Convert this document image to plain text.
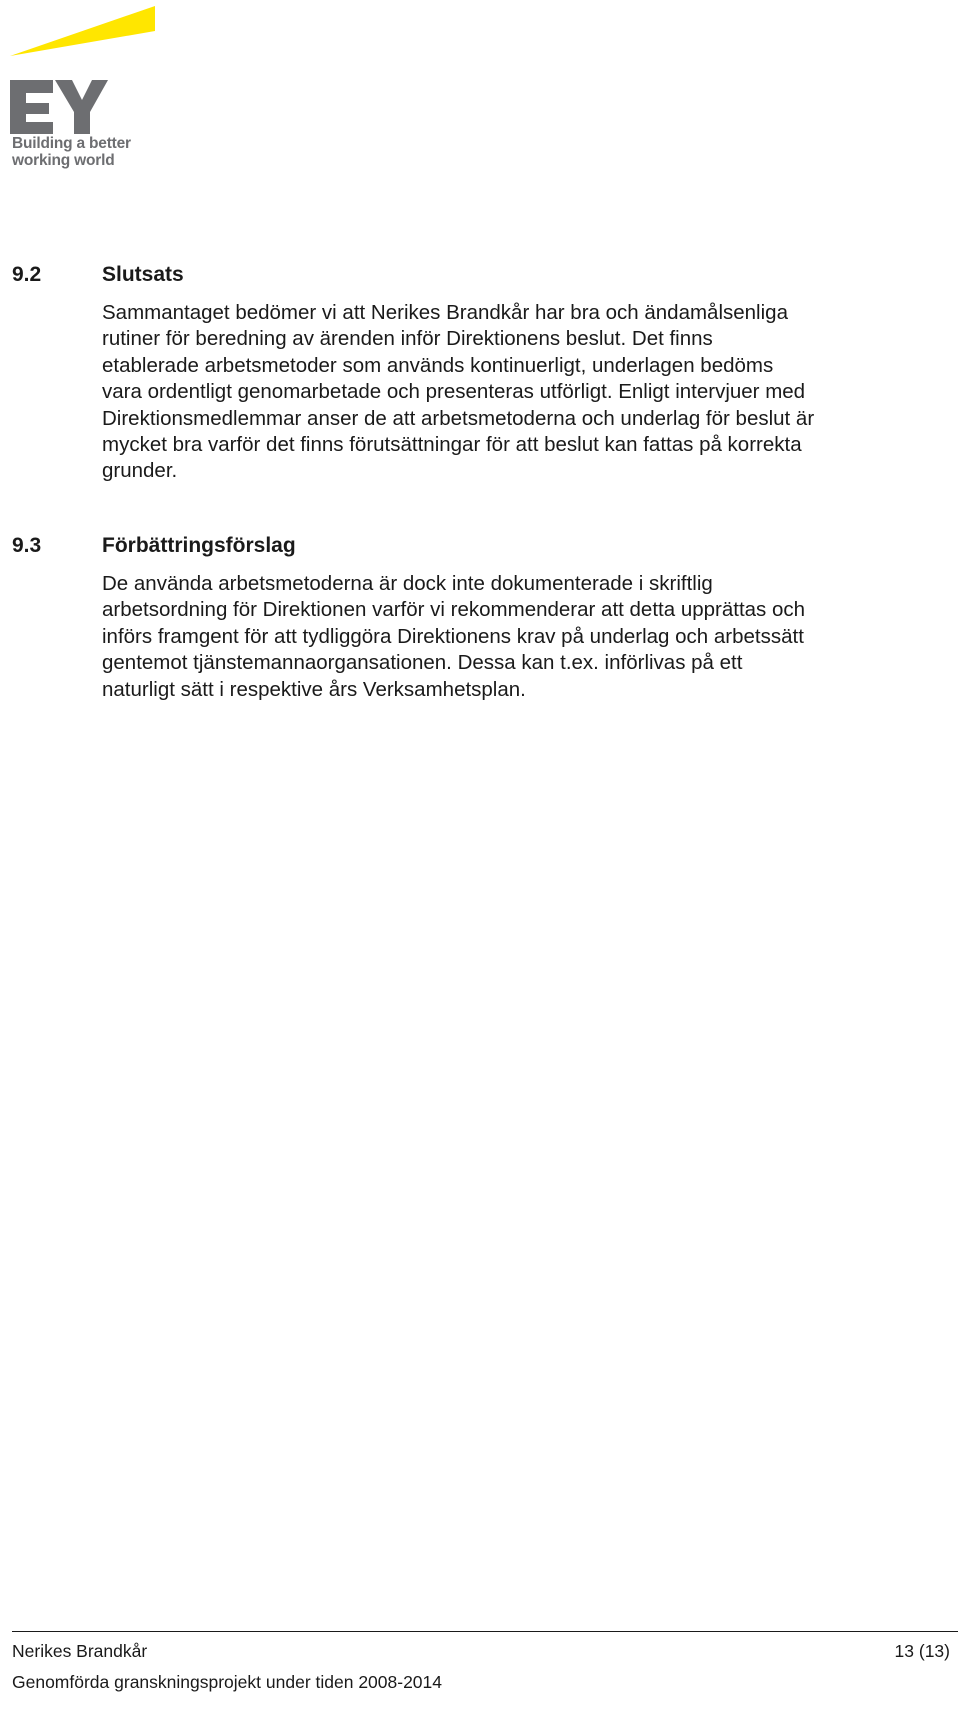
Building a better
working world
9.2	Slutsats
Sammantaget bedömer vi att Nerikes Brandkår har bra och ändamålsenliga
rutiner för beredning av ärenden inför Direktionens beslut. Det finns
etablerade arbetsmetoder som används kontinuerligt, underlagen bedöms
vara ordentligt genomarbetade och presenteras utförligt. Enligt intervjuer med
Direktionsmedlemmar anser de att arbetsmetoderna och underlag för beslut är
mycket bra varför det finns förutsättningar för att beslut kan fattas på korrekta
grunder.
9.3	Förbättringsförslag
De använda arbetsmetoderna är dock inte dokumenterade i skriftlig
arbetsordning för Direktionen varför vi rekommenderar att detta upprättas och
införs framgent för att tydliggöra Direktionens krav på underlag och arbetssätt
gentemot tjänstemannaorgansationen. Dessa kan t.ex. införlivas på ett
naturligt sätt i respektive års Verksamhetsplan.
Nerikes Brandkår	13 (13)
Genomförda granskningsprojekt under tiden 2008-2014
